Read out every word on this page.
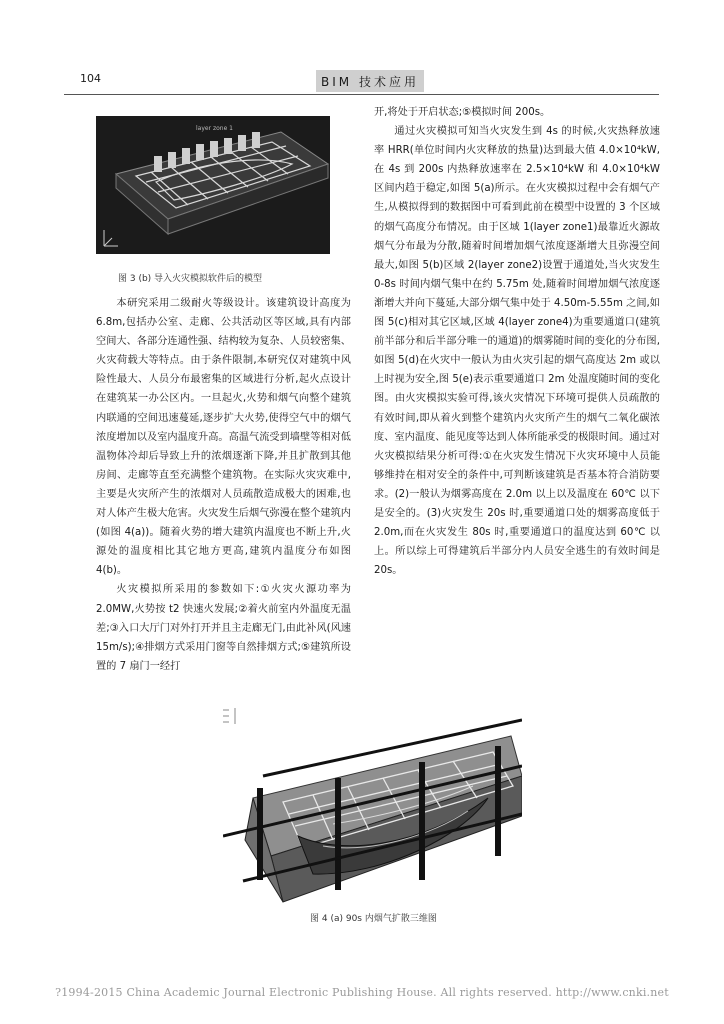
104	BIM 技术应用
layer zone 1
图 3 (b) 导入火灾模拟软件后的模型

本研究采用二级耐火等级设计。该建筑设计高度为 6.8m,包括办公室、走廊、公共活动区等区域,具有内部空间大、各部分连通性强、结构较为复杂、人员较密集、火灾荷载大等特点。由于条件限制,本研究仅对建筑中风险性最大、人员分布最密集的区域进行分析,起火点设计在建筑某一办公区内。一旦起火,火势和烟气向整个建筑内联通的空间迅速蔓延,逐步扩大火势,使得空气中的烟气浓度增加以及室内温度升高。高温气流受到墙壁等相对低温物体冷却后导致上升的浓烟逐渐下降,并且扩散到其他房间、走廊等直至充满整个建筑物。在实际火灾灾难中,主要是火灾所产生的浓烟对人员疏散造成极大的困难,也对人体产生极大危害。火灾发生后烟气弥漫在整个建筑内(如图 4(a))。随着火势的增大建筑内温度也不断上升,火源处的温度相比其它地方更高,建筑内温度分布如图 4(b)。

火灾模拟所采用的参数如下:①火灾火源功率为 2.0MW,火势按 t2 快速火发展;②着火前室内外温度无温差;③入口大厅门对外打开并且主走廊无门,由此补风(风速 15m/s);④排烟方式采用门窗等自然排烟方式;⑤建筑所设置的 7 扇门一经打

开,将处于开启状态;⑤模拟时间 200s。

通过火灾模拟可知当火灾发生到 4s 的时候,火灾热释放速率 HRR(单位时间内火灾释放的热量)达到最大值 4.0×10⁴kW,在 4s 到 200s 内热释放速率在 2.5×10⁴kW 和 4.0×10⁴kW 区间内趋于稳定,如图 5(a)所示。在火灾模拟过程中会有烟气产生,从模拟得到的数据图中可看到此前在模型中设置的 3 个区域的烟气高度分布情况。由于区域 1(layer zone1)最靠近火源故烟气分布最为分散,随着时间增加烟气浓度逐渐增大且弥漫空间最大,如图 5(b)区域 2(layer zone2)设置于通道处,当火灾发生 0-8s 时间内烟气集中在约 5.75m 处,随着时间增加烟气浓度逐渐增大并向下蔓延,大部分烟气集中处于 4.50m-5.55m 之间,如图 5(c)相对其它区域,区域 4(layer zone4)为重要通道口(建筑前半部分和后半部分唯一的通道)的烟雾随时间的变化的分布图,如图 5(d)在火灾中一般认为由火灾引起的烟气高度达 2m 或以上时视为安全,图 5(e)表示重要通道口 2m 处温度随时间的变化图。由火灾模拟实验可得,该火灾情况下环境可提供人员疏散的有效时间,即从着火到整个建筑内火灾所产生的烟气二氧化碳浓度、室内温度、能见度等达到人体所能承受的极限时间。通过对火灾模拟结果分析可得:①在火灾发生情况下火灾环境中人员能够维持在相对安全的条件中,可判断该建筑是否基本符合消防要求。(2)一般认为烟雾高度在 2.0m 以上以及温度在 60℃ 以下是安全的。(3)火灾发生 20s 时,重要通道口处的烟雾高度低于 2.0m,而在火灾发生 80s 时,重要通道口的温度达到 60℃ 以上。所以综上可得建筑后半部分内人员安全逃生的有效时间是 20s。

图 4 (a) 90s 内烟气扩散三维图
?1994-2015 China Academic Journal Electronic Publishing House. All rights reserved. http://www.cnki.net
